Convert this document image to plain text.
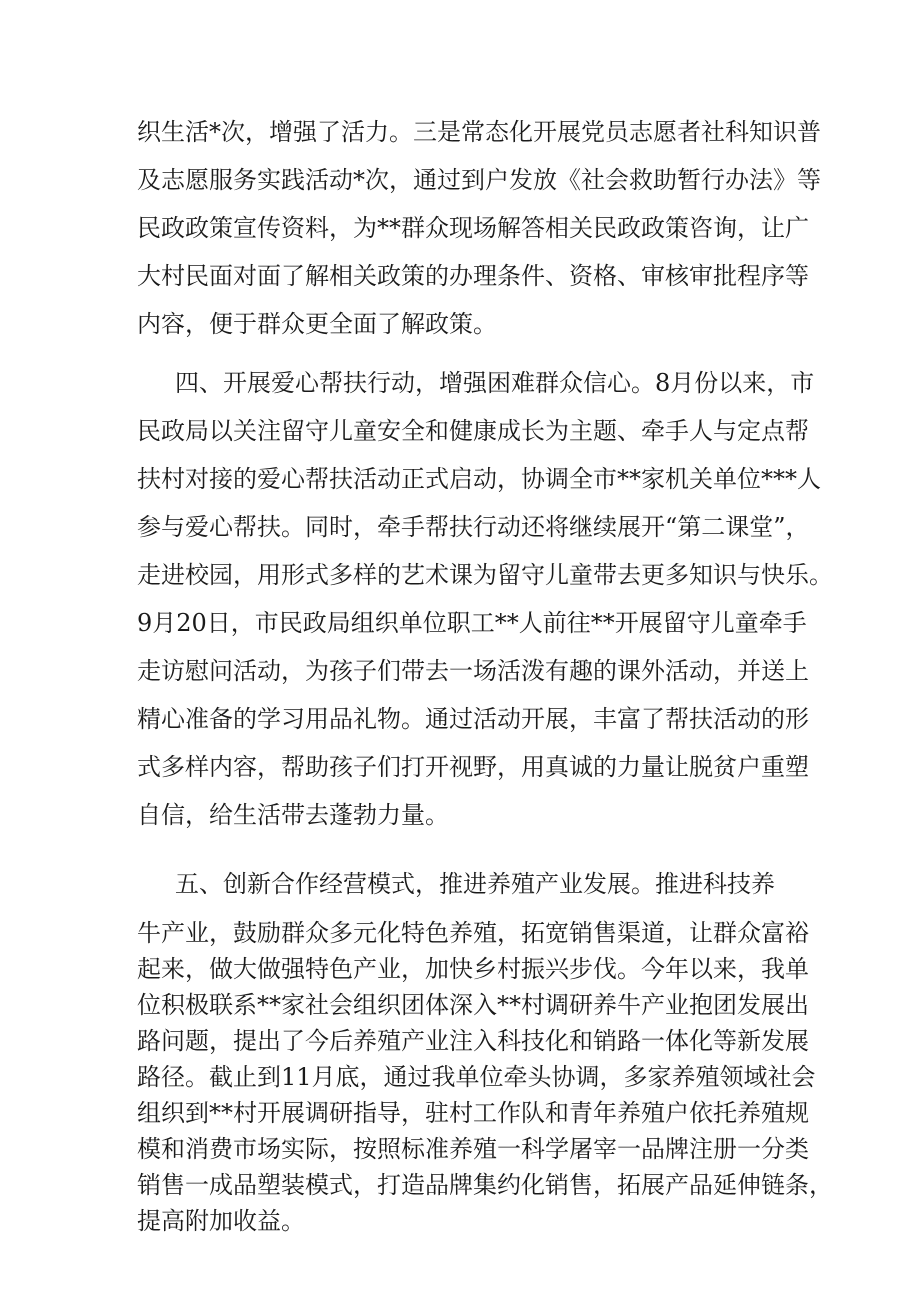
织生活*次，增强了活力。三是常态化开展党员志愿者社科知识普
及志愿服务实践活动*次，通过到户发放《社会救助暂行办法》等
民政政策宣传资料，为**群众现场解答相关民政政策咨询，让广
大村民面对面了解相关政策的办理条件、资格、审核审批程序等
内容，便于群众更全面了解政策。
四、开展爱心帮扶行动，增强困难群众信心。8月份以来，市
民政局以关注留守儿童安全和健康成长为主题、牵手人与定点帮
扶村对接的爱心帮扶活动正式启动，协调全市**家机关单位***人
参与爱心帮扶。同时，牵手帮扶行动还将继续展开“第二课堂”，
走进校园，用形式多样的艺术课为留守儿童带去更多知识与快乐。
9月20日，市民政局组织单位职工**人前往**开展留守儿童牵手
走访慰问活动，为孩子们带去一场活泼有趣的课外活动，并送上
精心准备的学习用品礼物。通过活动开展，丰富了帮扶活动的形
式多样内容，帮助孩子们打开视野，用真诚的力量让脱贫户重塑
自信，给生活带去蓬勃力量。
五、创新合作经营模式，推进养殖产业发展。推进科技养
牛产业，鼓励群众多元化特色养殖，拓宽销售渠道，让群众富裕
起来，做大做强特色产业，加快乡村振兴步伐。今年以来，我单
位积极联系**家社会组织团体深入**村调研养牛产业抱团发展出
路问题，提出了今后养殖产业注入科技化和销路一体化等新发展
路径。截止到11月底，通过我单位牵头协调，多家养殖领域社会
组织到**村开展调研指导，驻村工作队和青年养殖户依托养殖规
模和消费市场实际，按照标准养殖一科学屠宰一品牌注册一分类
销售一成品塑装模式，打造品牌集约化销售，拓展产品延伸链条，
提高附加收益。
